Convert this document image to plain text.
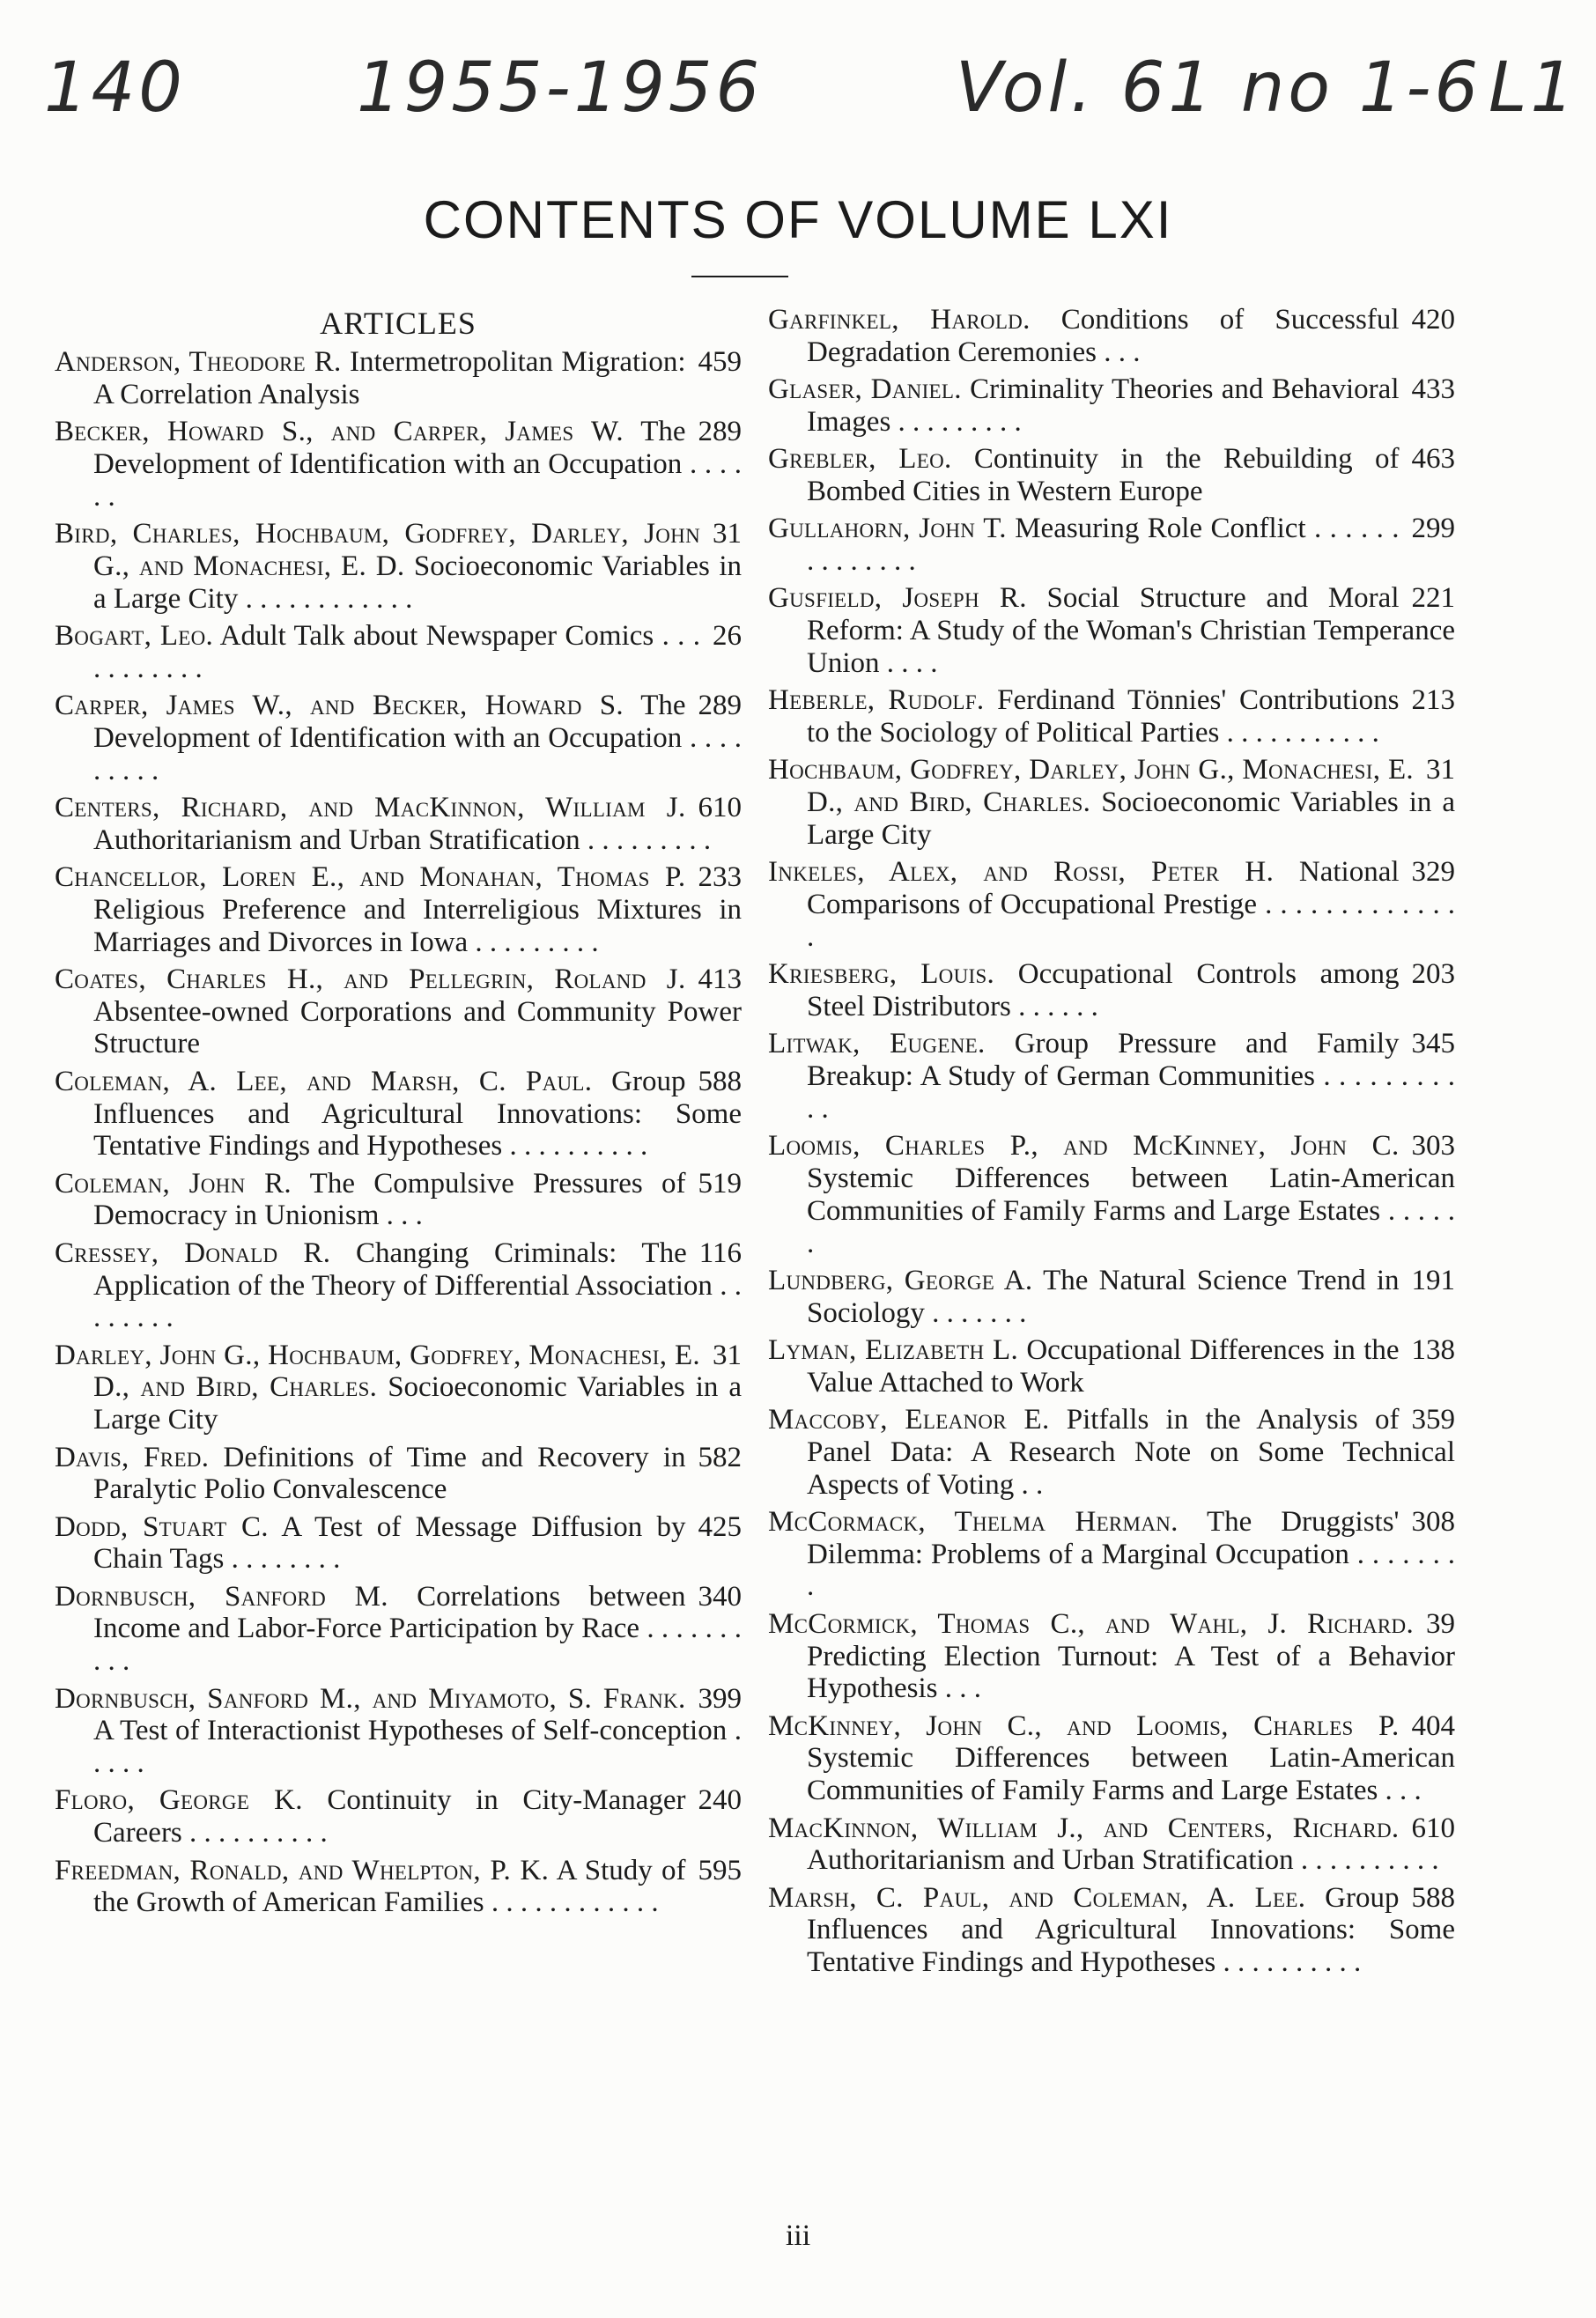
140 1955-1956	Vol. 61 no 1-6 L1
CONTENTS OF VOLUME LXI
ARTICLES

459
Anderson, Theodore R. Intermetropolitan Migration: A Correlation Analysis

289
Becker, Howard S., and Carper, James W. The Development of Identification with an Occupation . . . . . .

31
Bird, Charles, Hochbaum, Godfrey, Darley, John G., and Monachesi, E. D. Socioeconomic Variables in a Large City . . . . . . . . . . . .

26
Bogart, Leo. Adult Talk about Newspaper Comics . . . . . . . . . . .

289
Carper, James W., and Becker, Howard S. The Development of Identification with an Occupation . . . . . . . . .

610
Centers, Richard, and MacKinnon, William J. Authoritarianism and Urban Stratification . . . . . . . . .

233
Chancellor, Loren E., and Monahan, Thomas P. Religious Preference and Interreligious Mixtures in Marriages and Divorces in Iowa . . . . . . . . .

413
Coates, Charles H., and Pellegrin, Roland J. Absentee-owned Corporations and Community Power Structure

588
Coleman, A. Lee, and Marsh, C. Paul. Group Influences and Agricultural Innovations: Some Tentative Findings and Hypotheses . . . . . . . . . .

519
Coleman, John R. The Compulsive Pressures of Democracy in Unionism . . .

116
Cressey, Donald R. Changing Criminals: The Application of the Theory of Differential Association . . . . . . . .

31
Darley, John G., Hochbaum, Godfrey, Monachesi, E. D., and Bird, Charles. Socioeconomic Variables in a Large City

582
Davis, Fred. Definitions of Time and Recovery in Paralytic Polio Convalescence

425
Dodd, Stuart C. A Test of Message Diffusion by Chain Tags . . . . . . . .

340
Dornbusch, Sanford M. Correlations between Income and Labor-Force Participation by Race . . . . . . . . . .

399
Dornbusch, Sanford M., and Miyamoto, S. Frank. A Test of Interactionist Hypotheses of Self-conception . . . . .

240
Floro, George K. Continuity in City-Manager Careers . . . . . . . . . .

595
Freedman, Ronald, and Whelpton, P. K. A Study of the Growth of American Families . . . . . . . . . . . .

420
Garfinkel, Harold. Conditions of Successful Degradation Ceremonies . . .

433
Glaser, Daniel. Criminality Theories and Behavioral Images . . . . . . . . .

463
Grebler, Leo. Continuity in the Rebuilding of Bombed Cities in Western Europe

299
Gullahorn, John T. Measuring Role Conflict . . . . . . . . . . . . . .

221
Gusfield, Joseph R. Social Structure and Moral Reform: A Study of the Woman's Christian Temperance Union . . . .

213
Heberle, Rudolf. Ferdinand Tönnies' Contributions to the Sociology of Political Parties . . . . . . . . . . .

31
Hochbaum, Godfrey, Darley, John G., Monachesi, E. D., and Bird, Charles. Socioeconomic Variables in a Large City

329
Inkeles, Alex, and Rossi, Peter H. National Comparisons of Occupational Prestige . . . . . . . . . . . . . .

203
Kriesberg, Louis. Occupational Controls among Steel Distributors . . . . . .

345
Litwak, Eugene. Group Pressure and Family Breakup: A Study of German Communities . . . . . . . . . . .

303
Loomis, Charles P., and McKinney, John C. Systemic Differences between Latin-American Communities of Family Farms and Large Estates . . . . . .

191
Lundberg, George A. The Natural Science Trend in Sociology . . . . . . .

138
Lyman, Elizabeth L. Occupational Differences in the Value Attached to Work

359
Maccoby, Eleanor E. Pitfalls in the Analysis of Panel Data: A Research Note on Some Technical Aspects of Voting . .

308
McCormack, Thelma Herman. The Druggists' Dilemma: Problems of a Marginal Occupation . . . . . . . .

39
McCormick, Thomas C., and Wahl, J. Richard. Predicting Election Turnout: A Test of a Behavior Hypothesis . . .

404
McKinney, John C., and Loomis, Charles P. Systemic Differences between Latin-American Communities of Family Farms and Large Estates . . .

610
MacKinnon, William J., and Centers, Richard. Authoritarianism and Urban Stratification . . . . . . . . . .

588
Marsh, C. Paul, and Coleman, A. Lee. Group Influences and Agricultural Innovations: Some Tentative Findings and Hypotheses . . . . . . . . . .

iii
